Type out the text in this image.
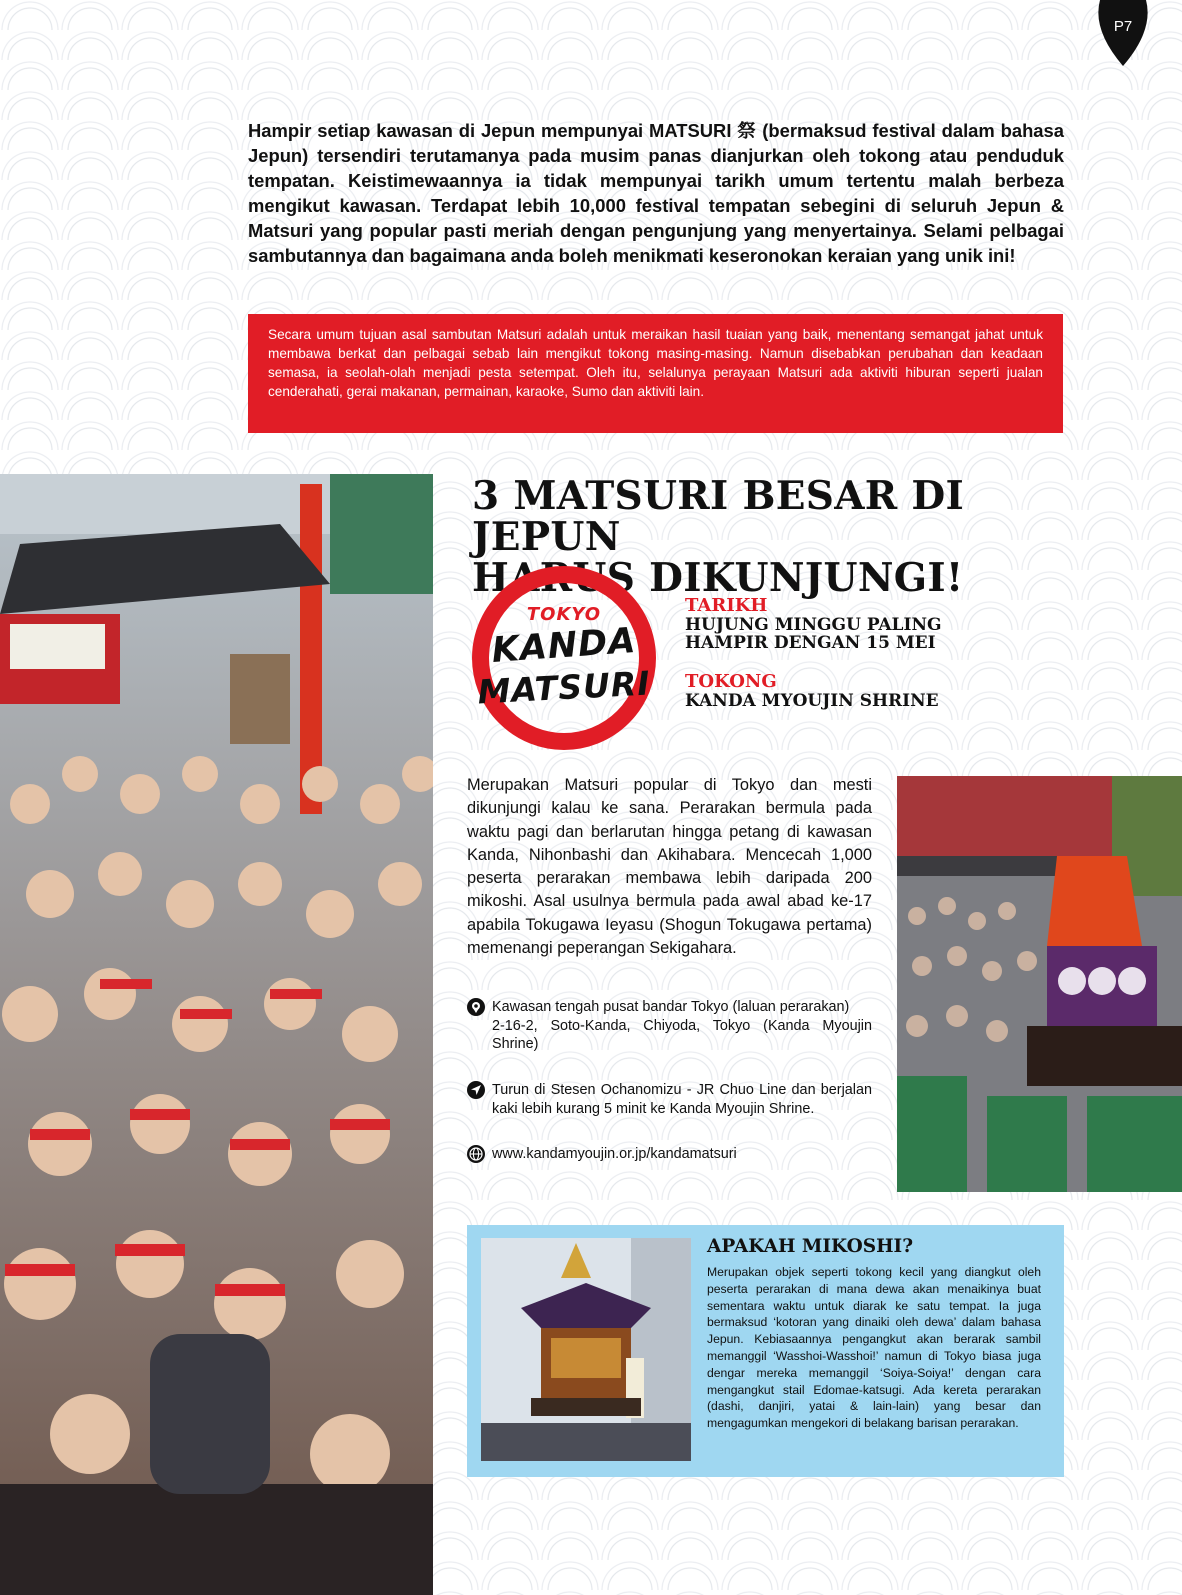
P7
Hampir setiap kawasan di Jepun mempunyai MATSURI 祭 (bermaksud festival dalam bahasa Jepun) tersendiri terutamanya pada musim panas dianjurkan oleh tokong atau penduduk tempatan. Keistimewaannya ia tidak mempunyai tarikh umum tertentu malah berbeza mengikut kawasan. Terdapat lebih 10,000 festival tempatan sebegini di seluruh Jepun & Matsuri yang popular pasti meriah dengan pengunjung yang menyertainya. Selami pelbagai sambutannya dan bagaimana anda boleh menikmati keseronokan keraian yang unik ini!
Secara umum tujuan asal sambutan Matsuri adalah untuk meraikan hasil tuaian yang baik, menentang semangat jahat untuk membawa berkat dan pelbagai sebab lain mengikut tokong masing-masing. Namun disebabkan perubahan dan keadaan semasa, ia seolah-olah menjadi pesta setempat. Oleh itu, selalunya perayaan Matsuri ada aktiviti hiburan seperti jualan cenderahati, gerai makanan, permainan, karaoke, Sumo dan aktiviti lain.
3 MATSURI BESAR DI JEPUN
HARUS DIKUNJUNGI!
TOKYO
KANDA
MATSURI
TARIKH
HUJUNG MINGGU PALING
HAMPIR DENGAN 15 MEI
TOKONG
KANDA MYOUJIN SHRINE
Merupakan Matsuri popular di Tokyo dan mesti dikunjungi kalau ke sana. Perarakan bermula pada waktu pagi dan berlarutan hingga petang di kawasan Kanda, Nihonbashi dan Akihabara. Mencecah 1,000 peserta perarakan membawa lebih daripada 200 mikoshi. Asal usulnya bermula pada awal abad ke-17 apabila Tokugawa Ieyasu (Shogun Tokugawa pertama) memenangi peperangan Sekigahara.
Kawasan tengah pusat bandar Tokyo (laluan perarakan)
2-16-2, Soto-Kanda, Chiyoda, Tokyo (Kanda Myoujin Shrine)
Turun di Stesen Ochanomizu - JR Chuo Line dan berjalan kaki lebih kurang 5 minit ke Kanda Myoujin Shrine.
www.kandamyoujin.or.jp/kandamatsuri
APAKAH MIKOSHI?
Merupakan objek seperti tokong kecil yang diangkut oleh peserta perarakan di mana dewa akan menaikinya buat sementara waktu untuk diarak ke satu tempat. Ia juga bermaksud ‘kotoran yang dinaiki oleh dewa’ dalam bahasa Jepun. Kebiasaannya pengangkut akan berarak sambil memanggil ‘Wasshoi-Wasshoi!’ namun di Tokyo biasa juga dengar mereka memanggil ‘Soiya-Soiya!’ dengan cara mengangkut stail Edomae-katsugi. Ada kereta perarakan (dashi, danjiri, yatai & lain-lain) yang besar dan mengagumkan mengekori di belakang barisan perarakan.
